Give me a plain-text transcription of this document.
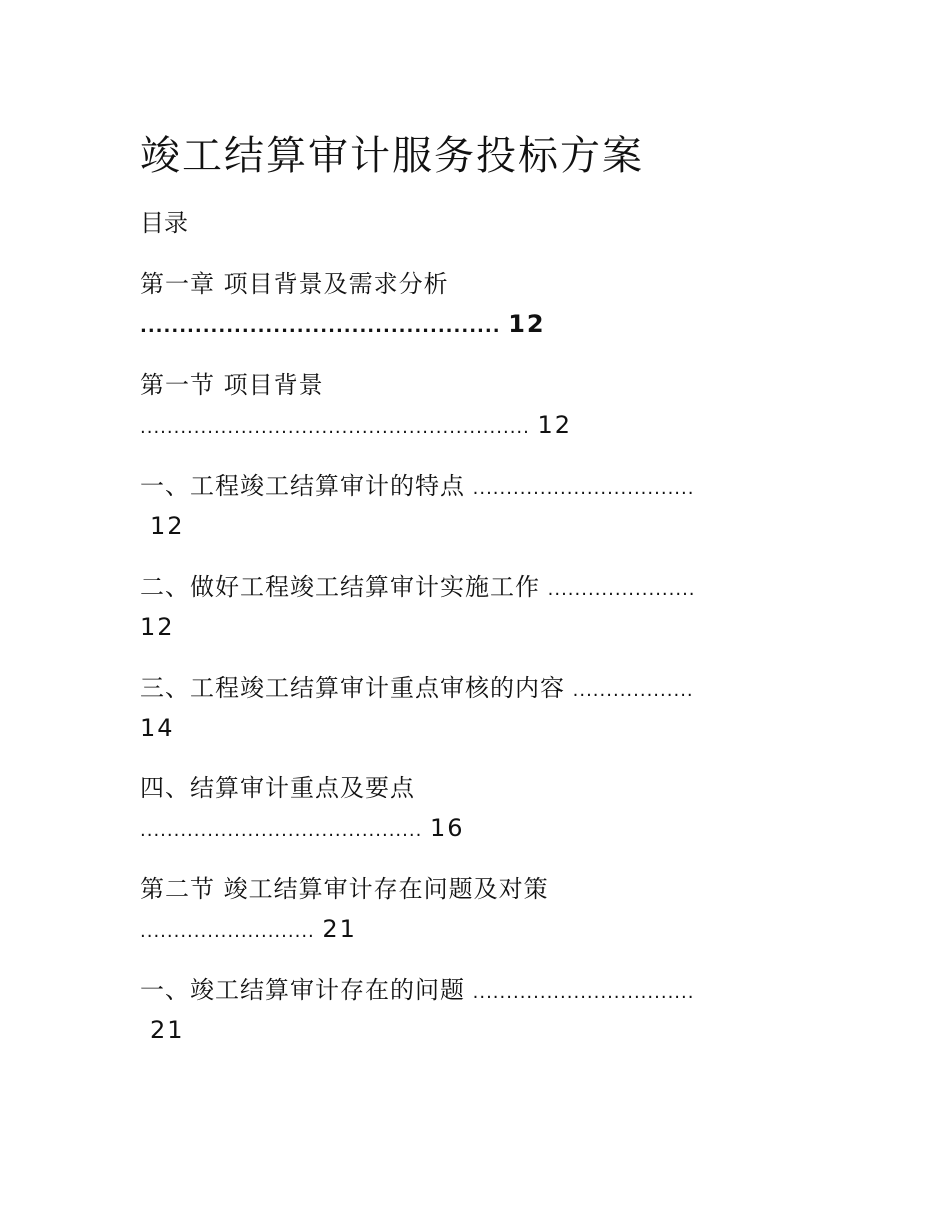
竣工结算审计服务投标方案
目录
第一章 项目背景及需求分析
.............................................. 12
第一节 项目背景
.......................................................... 12
一、工程竣工结算审计的特点 .................................
12
二、做好工程竣工结算审计实施工作 ......................
12
三、工程竣工结算审计重点审核的内容 ..................
14
四、结算审计重点及要点
.......................................... 16
第二节 竣工结算审计存在问题及对策
.......................... 21
一、竣工结算审计存在的问题 .................................
21
